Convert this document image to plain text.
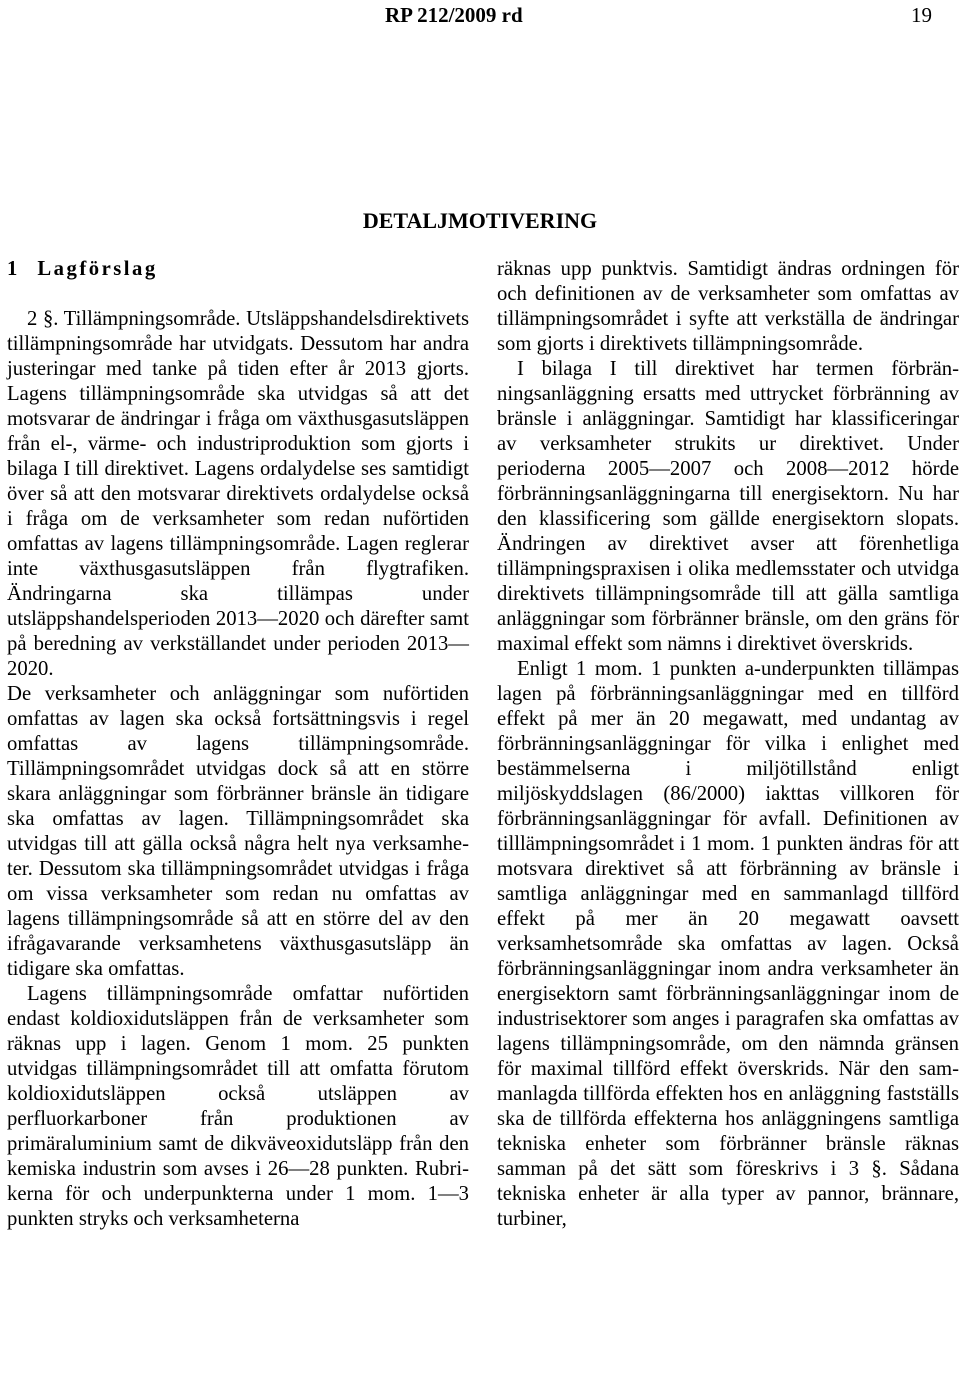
RP 212/2009 rd	19
DETALJMOTIVERING
1 Lagförslag

2 §. Tillämpningsområde. Utsläppshandelsdirektivets tillämpningsområde har utvidgats. Dessutom har andra justeringar med tanke på tiden efter år 2013 gjorts. Lagens tillämpningsområde ska utvidgas så att det motsvarar de ändringar i fråga om växthusgasutsläppen från el-, värme- och industriproduktion som gjorts i bilaga I till direktivet. Lagens ordalydelse ses samtidigt över så att den motsvarar direktivets ordalydelse också i fråga om de verksamheter som redan nuförtiden omfattas av lagens tillämpningsområde. Lagen reglerar inte växthusgasutsläppen från flygtrafiken. Ändringarna ska tillämpas under utsläppshandelsperioden 2013—2020 och därefter samt på beredning av verkställandet under perioden 2013—2020.

De verksamheter och anläggningar som nuförtiden omfattas av lagen ska också fortsättningsvis i regel omfattas av lagens tillämpningsområde. Tillämpningsområdet utvidgas dock så att en större skara anläggningar som förbränner bränsle än tidigare ska omfattas av lagen. Tillämpningsområdet ska utvidgas till att gälla också några helt nya verksamheter. Dessutom ska tillämpningsområdet utvidgas i fråga om vissa verksamheter som redan nu omfattas av lagens tillämpningsområde så att en större del av den ifrågavarande verksamhetens växthusgasutsläpp än tidigare ska omfattas.

Lagens tillämpningsområde omfattar nuförtiden endast koldioxidutsläppen från de verksamheter som räknas upp i lagen. Genom 1 mom. 25 punkten utvidgas tillämpningsområdet till att omfatta förutom koldioxidutsläppen också utsläppen av perfluorkarboner från produktionen av primäraluminium samt de dikväveoxidutsläpp från den kemiska industrin som avses i 26—28 punkten. Rubrikerna för och underpunkterna under 1 mom. 1—3 punkten stryks och verksamheterna

räknas upp punktvis. Samtidigt ändras ordningen för och definitionen av de verksamheter som omfattas av tillämpningsområdet i syfte att verkställa de ändringar som gjorts i direktivets tillämpningsområde.

I bilaga I till direktivet har termen förbränningsanläggning ersatts med uttrycket förbränning av bränsle i anläggningar. Samtidigt har klassificeringar av verksamheter strukits ur direktivet. Under perioderna 2005—2007 och 2008—2012 hörde förbränningsanläggningarna till energisektorn. Nu har den klassificering som gällde energisektorn slopats. Ändringen av direktivet avser att förenhetliga tillämpningspraxisen i olika medlemsstater och utvidga direktivets tillämpningsområde till att gälla samtliga anläggningar som förbränner bränsle, om den gräns för maximal effekt som nämns i direktivet överskrids.

Enligt 1 mom. 1 punkten a-underpunkten tillämpas lagen på förbränningsanläggningar med en tillförd effekt på mer än 20 megawatt, med undantag av förbränningsanläggningar för vilka i enlighet med bestämmelserna i miljötillstånd enligt miljöskyddslagen (86/2000) iakttas villkoren för förbränningsanläggningar för avfall. Definitionen av tilllämpningsområdet i 1 mom. 1 punkten ändras för att motsvara direktivet så att förbränning av bränsle i samtliga anläggningar med en sammanlagd tillförd effekt på mer än 20 megawatt oavsett verksamhetsområde ska omfattas av lagen. Också förbränningsanläggningar inom andra verksamheter än energisektorn samt förbränningsanläggningar inom de industrisektorer som anges i paragrafen ska omfattas av lagens tillämpningsområde, om den nämnda gränsen för maximal tillförd effekt överskrids. När den sammanlagda tillförda effekten hos en anläggning fastställs ska de tillförda effekterna hos anläggningens samtliga tekniska enheter som förbränner bränsle räknas samman på det sätt som föreskrivs i 3 §. Sådana tekniska enheter är alla typer av pannor, brännare, turbiner,
